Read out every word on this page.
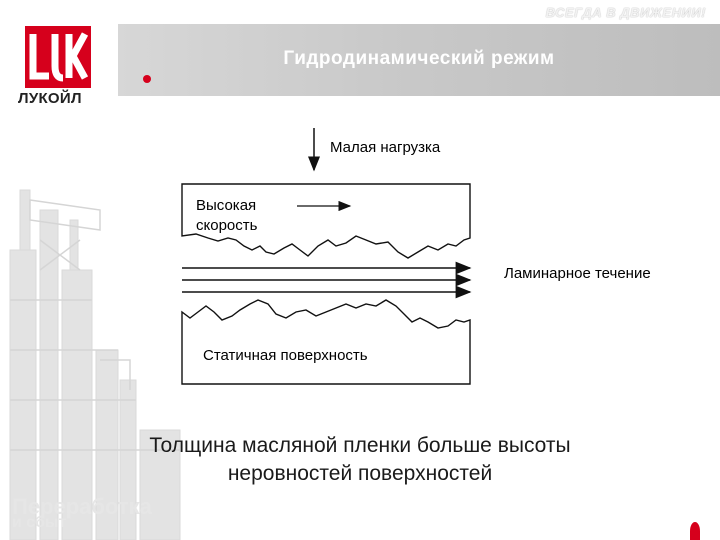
ВСЕГДА В ДВИЖЕНИИ!
Гидродинамический режим
ЛУКОЙЛ
Переработка
и сбыт
Малая нагрузка
Высокая
скорость
Ламинарное течение
Статичная поверхность
Толщина масляной пленки больше высоты
неровностей поверхностей
